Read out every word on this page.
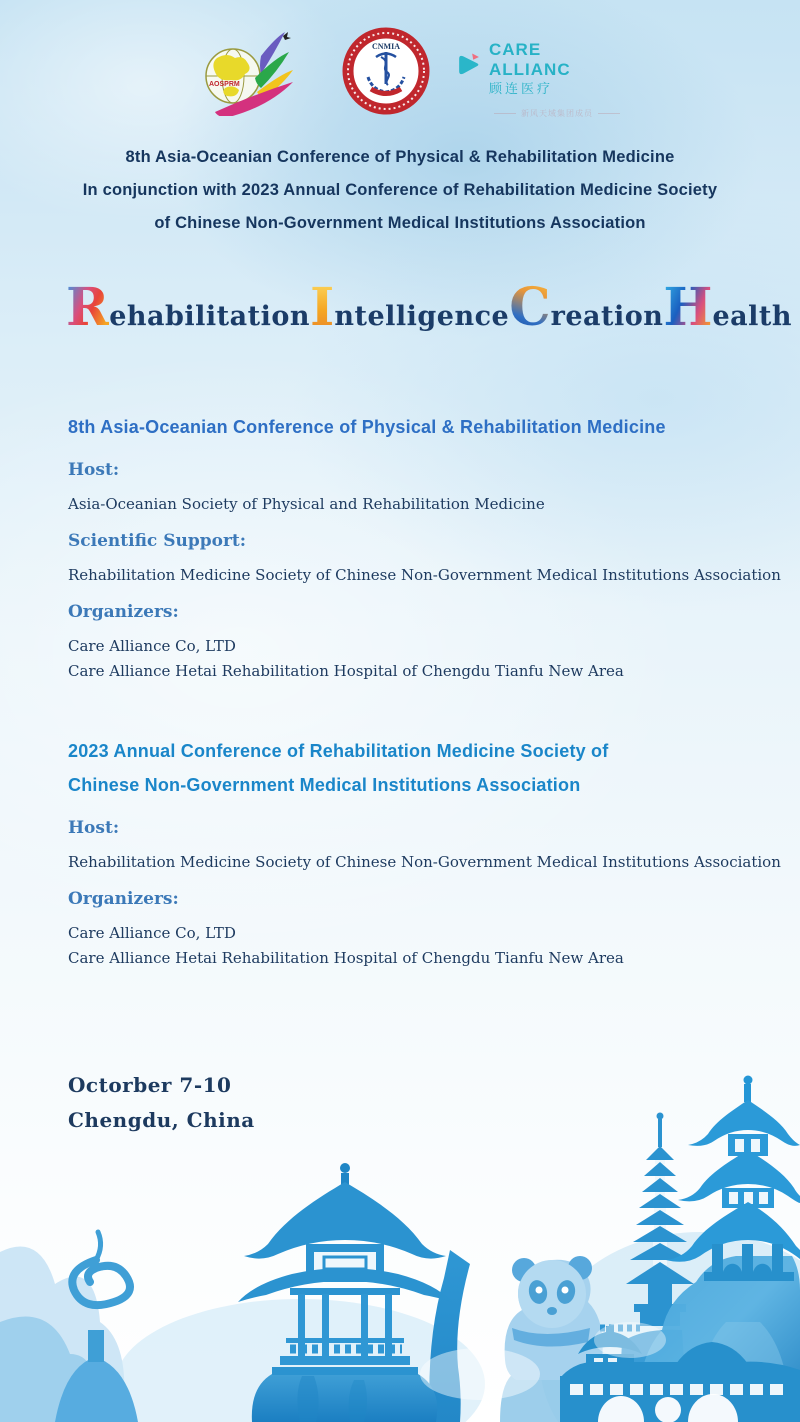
AOSPRM
CNMIA	CARE ALLIANC
顾连医疗
新风天域集团成员
8th Asia-Oceanian Conference of Physical & Rehabilitation Medicine
In conjunction with 2023 Annual Conference of Rehabilitation Medicine Society
of Chinese Non-Government Medical Institutions Association
R ehabilitation I ntelligence C reation H ealth
8th Asia-Oceanian Conference of Physical & Rehabilitation Medicine
Host:
Asia-Oceanian Society of Physical and Rehabilitation Medicine
Scientific Support:
Rehabilitation Medicine Society of Chinese Non-Government Medical Institutions Association
Organizers:
Care Alliance Co, LTD
Care Alliance Hetai Rehabilitation Hospital of Chengdu Tianfu New Area
2023 Annual Conference of Rehabilitation Medicine Society of
Chinese Non-Government Medical Institutions Association
Host:
Rehabilitation Medicine Society of Chinese Non-Government Medical Institutions Association
Organizers:
Care Alliance Co, LTD
Care Alliance Hetai Rehabilitation Hospital of Chengdu Tianfu New Area
Octorber 7-10
Chengdu, China
